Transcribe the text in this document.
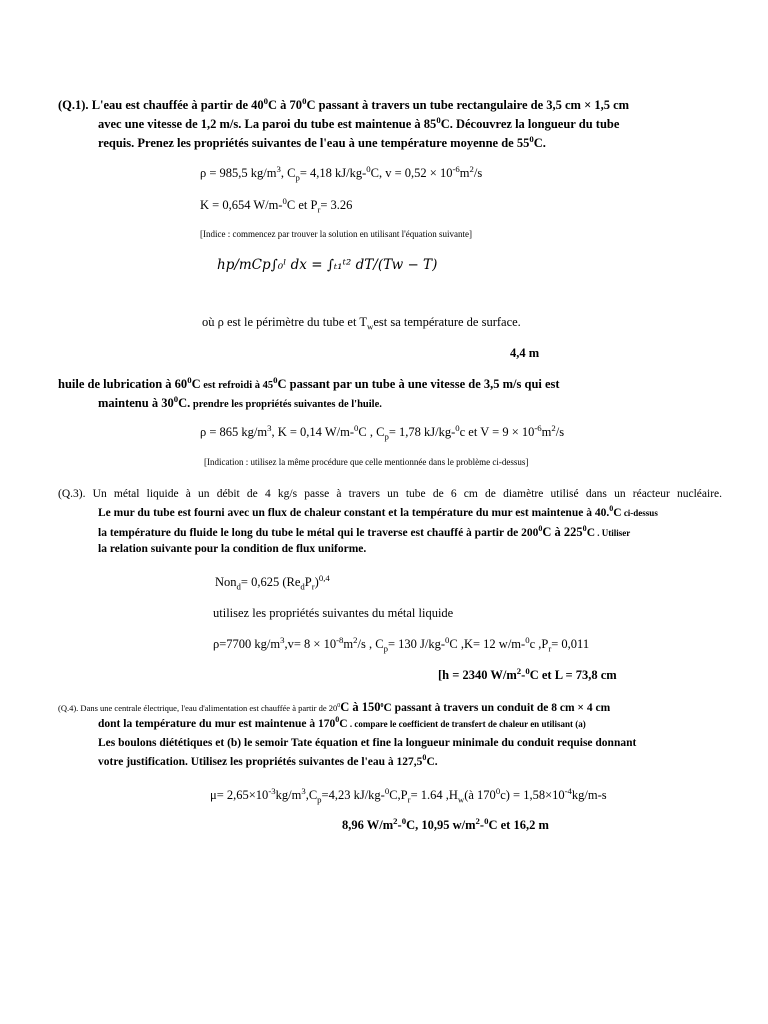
(Q.1). L'eau est chauffée à partir de $40^0C$ à $70^0C$ passant à travers un tube rectangulaire de 3,5 cm × 1,5 cm
avec une vitesse de 1,2 m/s. La paroi du tube est maintenue à $85^0C$. Découvrez la longueur du tube
requis. Prenez les propriétés suivantes de l'eau à une température moyenne de $55^0C$.
ρ = 985,5 $kg/m^3$, $C_p= 4,18$ kJ/kg-$^0$C, $v = 0,52 \times 10^{-6}m^2/s$
K = 0,654 W/m-$^0$C et $P_r= 3.26$
[Indice : commencez par trouver la solution en utilisant l'équation suivante]
hp/mCp∫₀ˡ dx = ∫ₜ₁ᵗ² dT/(Tw − T)
où ρ est le périmètre du tube et $T_west$ sa température de surface.
4,4 m
huile de lubrication à $60^0C$ est refroidi à $45^0C$ passant par un tube à une vitesse de 3,5 m/s qui est
maintenu à $30^0C$. prendre les propriétés suivantes de l'huile.
ρ = 865 $kg/m^3$, K = 0,14 W/m-$^0$C , $C_p= 1,78$ kJ/kg-$^0$c et $V = 9 \times 10^{-6}m^2/s$
[Indication : utilisez la même procédure que celle mentionnée dans le problème ci-dessus]
(Q.3). Un métal liquide à un débit de 4 kg/s passe à travers un tube de 6 cm de diamètre utilisé dans un réacteur nucléaire.
Le mur du tube est fourni avec un flux de chaleur constant et la température du mur est maintenue à 40.$^0$C ci-dessus
la température du fluide le long du tube le métal qui le traverse est chauffé à partir de $200^0C$ à $225^0C$ . Utiliser
la relation suivante pour la condition de flux uniforme.
Non$_d$= 0,625 $(Re_dP_r)^{0,4}$
utilisez les propriétés suivantes du métal liquide
ρ=7700 $kg/m^3,v= 8 \times 10^{-8}m^2/s$ , $C_p= 130$ J/kg-$^0$C ,K= 12 w/m-$^0$c $,P_r= 0,011$
[h = 2340 $W/m^2-^0C$ et L = 73,8 cm
(Q.4). Dans une centrale électrique, l'eau d'alimentation est chauffée à partir de $20^0C$ à $150^0C$ passant à travers un conduit de 8 cm × 4 cm
dont la température du mur est maintenue à $170^0C$ . compare le coefficient de transfert de chaleur en utilisant (a)
Les boulons diététiques et (b) le semoir Tate équation et fine la longueur minimale du conduit requise donnant
votre justification. Utilisez les propriétés suivantes de l'eau à 127,5$^0$C.
$\mu= 2,65\times 10^{-3}kg/m^3,C_p=4,23$ $kJ/kg-^0C,P_r= 1.64$ $,H_w(à$ $170^0c) = 1,58\times 10^{-4}kg/m-s$
8,96 $W/m^2-^0C$, 10,95 $w/m^2-^0C$ et 16,2 m
